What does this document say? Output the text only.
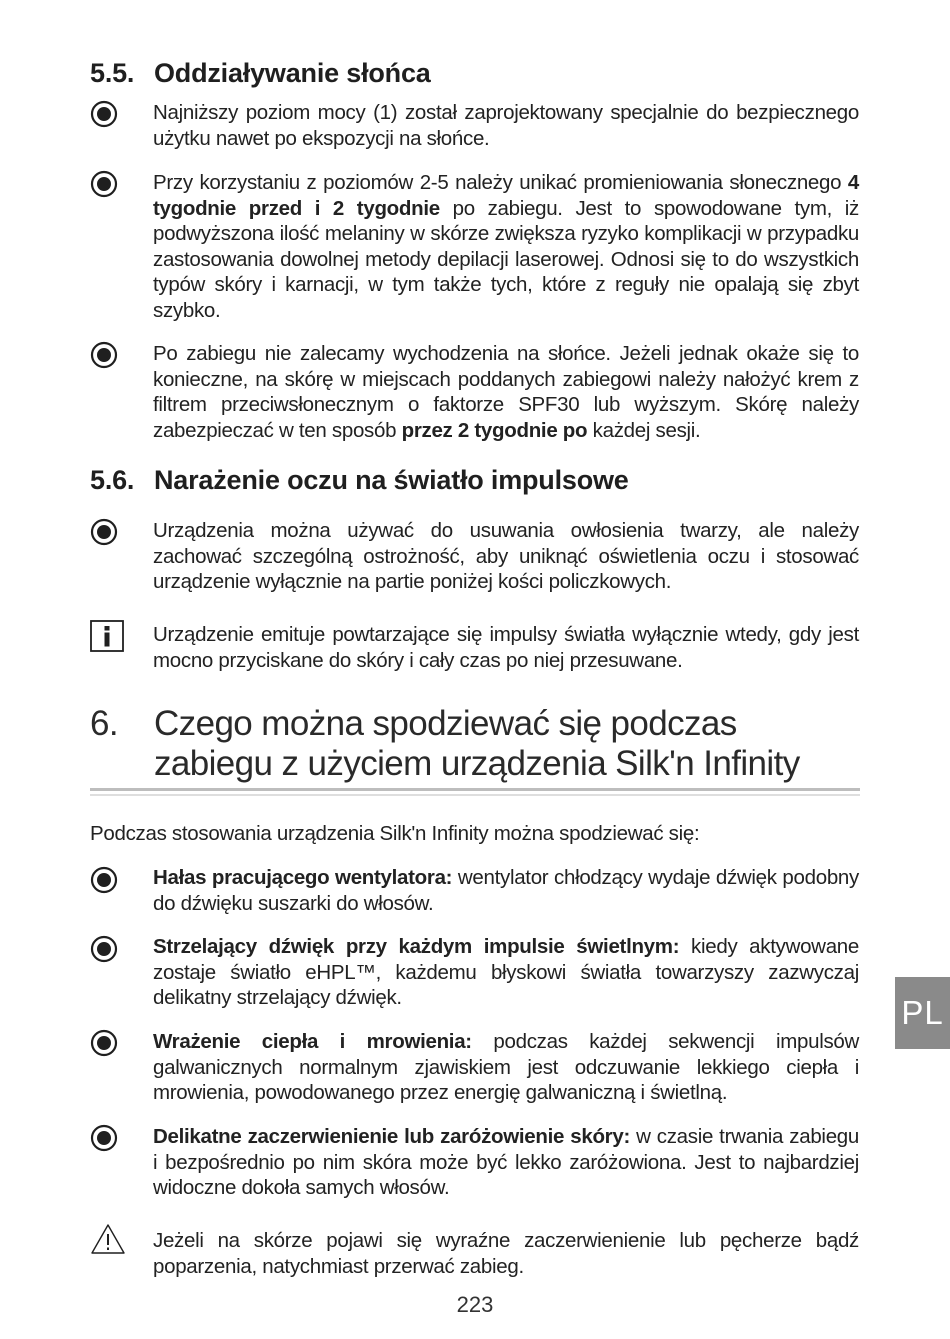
5.5. Oddziaływanie słońca

Najniższy poziom mocy (1) został zaprojektowany specjalnie do bezpiecznego użytku nawet po ekspozycji na słońce.

Przy korzystaniu z poziomów 2-5 należy unikać promieniowania słonecznego 4 tygodnie przed i 2 tygodnie po zabiegu. Jest to spowodowane tym, iż podwyższona ilość melaniny w skórze zwiększa ryzyko komplikacji w przypadku zastosowania dowolnej metody depilacji laserowej. Odnosi się to do wszystkich typów skóry i karnacji, w tym także tych, które z reguły nie opalają się zbyt szybko.

Po zabiegu nie zalecamy wychodzenia na słońce. Jeżeli jednak okaże się to konieczne, na skórę w miejscach poddanych zabiegowi należy nałożyć krem z filtrem przeciwsłonecznym o faktorze SPF30 lub wyższym. Skórę należy zabezpieczać w ten sposób przez 2 tygodnie po każdej sesji.

5.6. Narażenie oczu na światło impulsowe

Urządzenia można używać do usuwania owłosienia twarzy, ale należy zachować szczególną ostrożność, aby uniknąć oświetlenia oczu i stosować urządzenie wyłącznie na partie poniżej kości policzkowych.

Urządzenie emituje powtarzające się impulsy światła wyłącznie wtedy, gdy jest mocno przyciskane do skóry i cały czas po niej przesuwane.

6. Czego można spodziewać się podczas zabiegu z użyciem urządzenia Silk'n Infinity

Podczas stosowania urządzenia Silk'n Infinity można spodziewać się:

Hałas pracującego wentylatora: wentylator chłodzący wydaje dźwięk podobny do dźwięku suszarki do włosów.

Strzelający dźwięk przy każdym impulsie świetlnym: kiedy aktywowane zostaje światło eHPL™, każdemu błyskowi światła towarzyszy zazwyczaj delikatny strzelający dźwięk.

Wrażenie ciepła i mrowienia: podczas każdej sekwencji impulsów galwanicznych normalnym zjawiskiem jest odczuwanie lekkiego ciepła i mrowienia, powodowanego przez energię galwaniczną i świetlną.

Delikatne zaczerwienienie lub zaróżowienie skóry: w czasie trwania zabiegu i bezpośrednio po nim skóra może być lekko zaróżowiona. Jest to najbardziej widoczne dokoła samych włosów.

Jeżeli na skórze pojawi się wyraźne zaczerwienienie lub pęcherze bądź poparzenia, natychmiast przerwać zabieg.

PL

223
